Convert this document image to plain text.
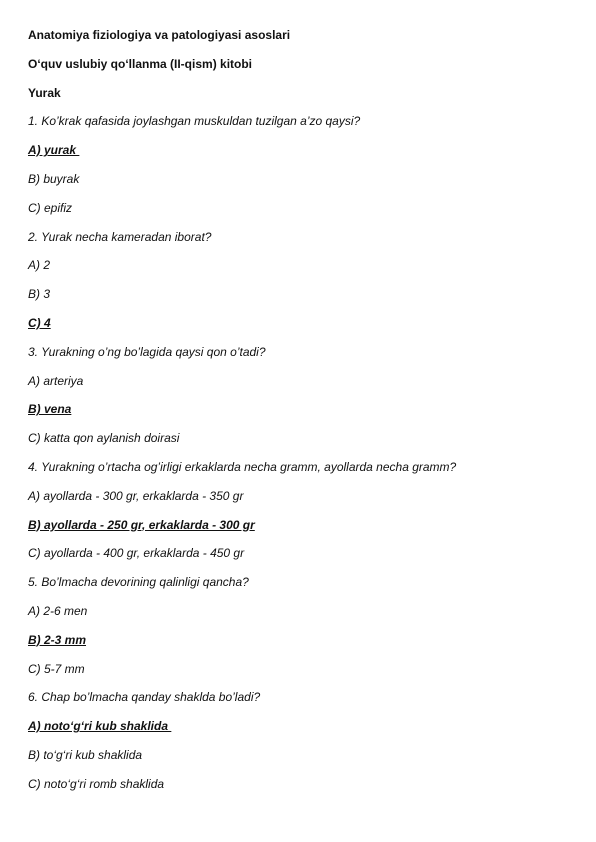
Anatomiya fiziologiya va patologiyasi asoslari
O‘quv uslubiy qo‘llanma (II-qism) kitobi
Yurak
1. Ko’krak qafasida joylashgan muskuldan tuzilgan a’zo qaysi?
A) yurak
B) buyrak
C) epifiz
2. Yurak necha kameradan iborat?
A) 2
B) 3
C) 4
3. Yurakning o’ng bo’lagida qaysi qon o’tadi?
A) arteriya
B) vena
C) katta qon aylanish doirasi
4. Yurakning o’rtacha og’irligi erkaklarda necha gramm, ayollarda necha gramm?
A) ayollarda - 300 gr, erkaklarda - 350 gr
B) ayollarda - 250 gr, erkaklarda - 300 gr
C) ayollarda - 400 gr, erkaklarda - 450 gr
5. Bo’lmacha devorining qalinligi qancha?
A) 2-6 men
B) 2-3 mm
C) 5-7 mm
6. Chap bo’lmacha qanday shaklda bo’ladi?
A) noto‘g‘ri kub shaklida
B) to‘g‘ri kub shaklida
C) noto‘g‘ri romb shaklida
